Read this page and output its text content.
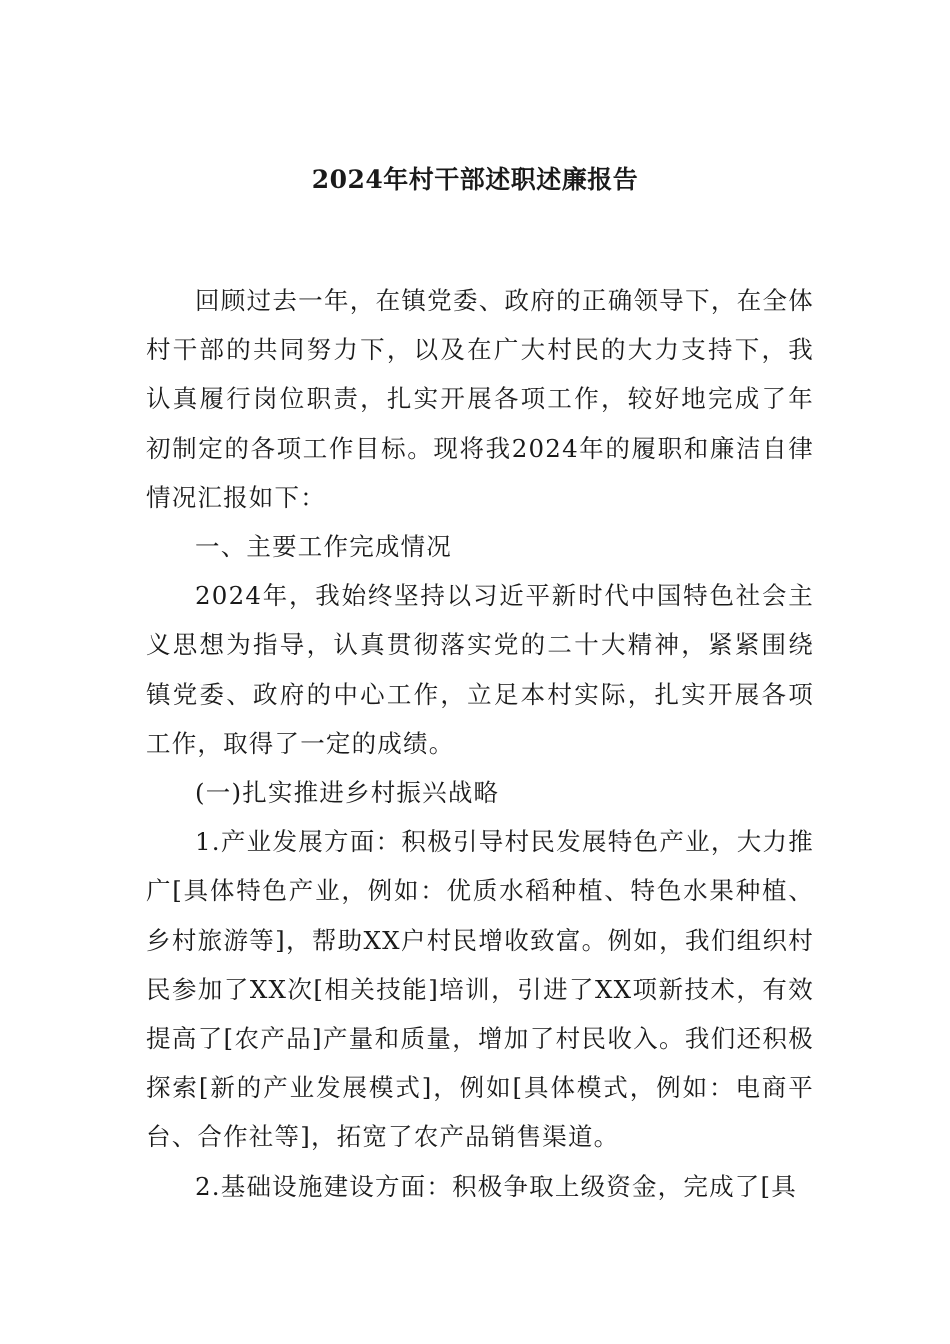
2024年村干部述职述廉报告

回顾过去一年，在镇党委、政府的正确领导下，在全体村干部的共同努力下，以及在广大村民的大力支持下，我认真履行岗位职责，扎实开展各项工作，较好地完成了年初制定的各项工作目标。现将我2024年的履职和廉洁自律情况汇报如下：

一、主要工作完成情况

2024年，我始终坚持以习近平新时代中国特色社会主义思想为指导，认真贯彻落实党的二十大精神，紧紧围绕镇党委、政府的中心工作，立足本村实际，扎实开展各项工作，取得了一定的成绩。

(一)扎实推进乡村振兴战略

1.产业发展方面：积极引导村民发展特色产业，大力推广[具体特色产业，例如：优质水稻种植、特色水果种植、乡村旅游等]，帮助XX户村民增收致富。例如，我们组织村民参加了XX次[相关技能]培训，引进了XX项新技术，有效提高了[农产品]产量和质量，增加了村民收入。我们还积极探索[新的产业发展模式]，例如[具体模式，例如：电商平台、合作社等]，拓宽了农产品销售渠道。

2.基础设施建设方面：积极争取上级资金，完成了[具
